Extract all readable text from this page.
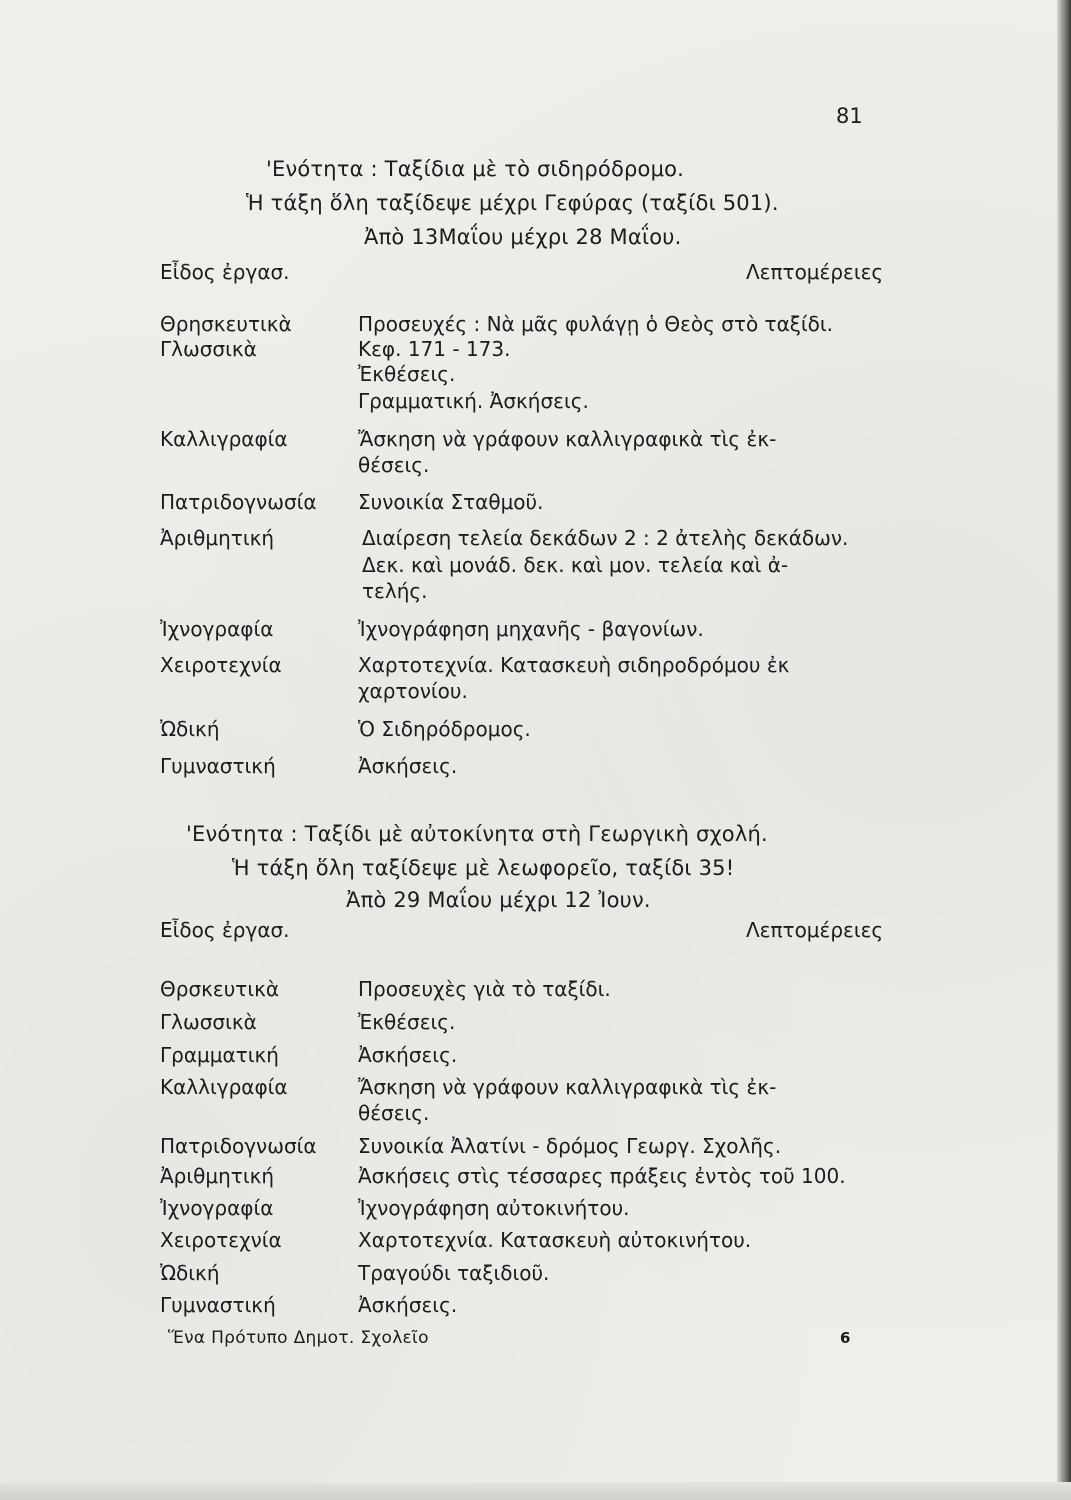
81
'Ενότητα : Ταξίδια μὲ τὸ σιδηρόδρομο.
Ἡ τάξη ὅλη ταξίδεψε μέχρι Γεφύρας (ταξίδι 501).
Ἀπὸ 13Μαΐου μέχρι 28 Μαΐου.
Εἶδος ἐργασ.	Λεπτομέρειες
Θρησκευτικὰ	Προσευχές : Νὰ μᾶς φυλάγῃ ὁ Θεὸς στὸ ταξίδι.
Γλωσσικὰ	Κεφ. 171 - 173.
Ἐκθέσεις.
Γραμματική. Ἀσκήσεις.
Καλλιγραφία	Ἄσκηση νὰ γράφουν καλλιγραφικὰ τὶς ἐκ-
θέσεις.
Πατριδογνωσία Συνοικία Σταθμοῦ.
Ἀριθμητική	Διαίρεση τελεία δεκάδων 2 : 2 ἀτελὴς δεκάδων.
Δεκ. καὶ μονάδ. δεκ. καὶ μον. τελεία καὶ ἀ-
τελής.
Ἰχνογραφία	Ἰχνογράφηση μηχανῆς - βαγονίων.
Χειροτεχνία	Χαρτοτεχνία. Κατασκευὴ σιδηροδρόμου ἐκ
χαρτονίου.
Ὠδική	Ὁ Σιδηρόδρομος.
Γυμναστική	Ἀσκήσεις.
'Ενότητα : Ταξίδι μὲ αὐτοκίνητα στὴ Γεωργικὴ σχολή.
Ἡ τάξη ὅλη ταξίδεψε μὲ λεωφορεῖο, ταξίδι 35!
Ἀπὸ 29 Μαΐου μέχρι 12 Ἰουν.
Εἶδος ἐργασ.	Λεπτομέρειες
Θρσκευτικὰ	Προσευχὲς γιὰ τὸ ταξίδι.
Γλωσσικὰ	Ἐκθέσεις.
Γραμματική	Ἀσκήσεις.
Καλλιγραφία	Ἄσκηση νὰ γράφουν καλλιγραφικὰ τὶς ἐκ-
θέσεις.
Πατριδογνωσία Συνοικία Ἀλατίνι - δρόμος Γεωργ. Σχολῆς.
Ἀριθμητική	Ἀσκήσεις στὶς τέσσαρες πράξεις ἐντὸς τοῦ 100.
Ἰχνογραφία	Ἰχνογράφηση αὐτοκινήτου.
Χειροτεχνία	Χαρτοτεχνία. Κατασκευὴ αὐτοκινήτου.
Ὠδική	Τραγούδι ταξιδιοῦ.
Γυμναστική	Ἀσκήσεις.
Ἕνα Πρότυπο Δημοτ. Σχολεῖο	6
